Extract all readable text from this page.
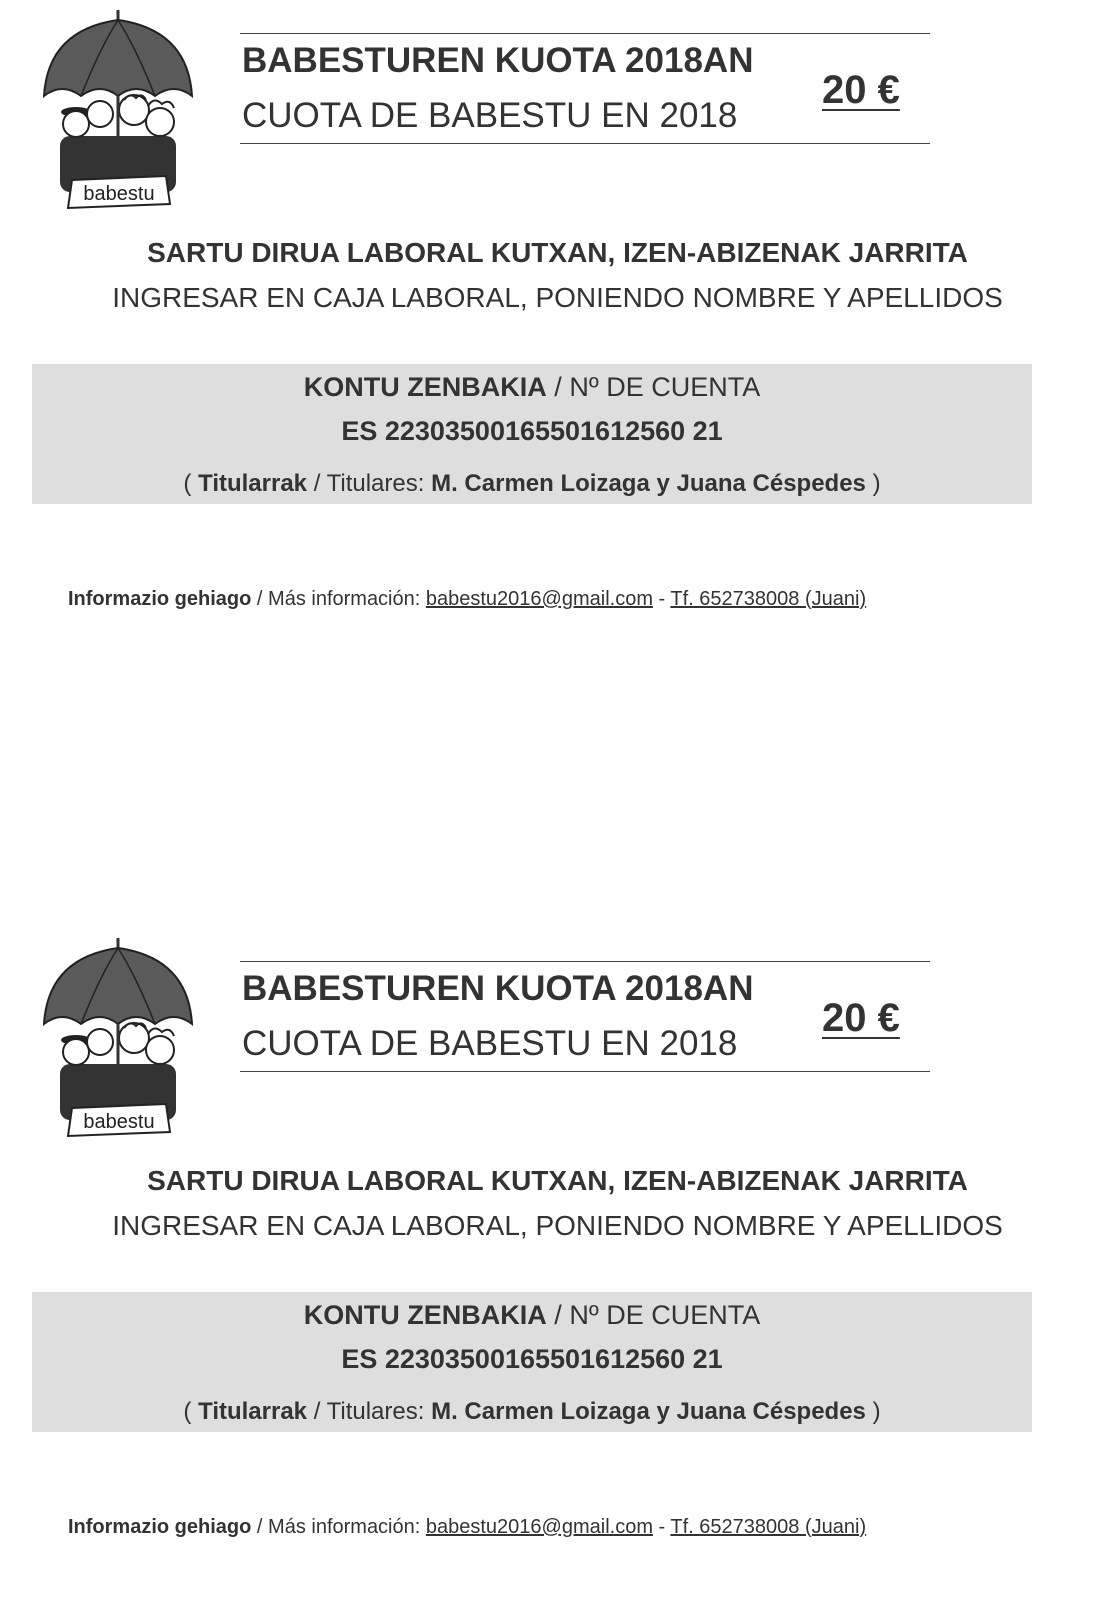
babestu
BABESTUREN KUOTA 2018AN
CUOTA DE BABESTU EN 2018
20 €
SARTU DIRUA LABORAL KUTXAN, IZEN-ABIZENAK JARRITA
INGRESAR EN CAJA LABORAL, PONIENDO NOMBRE Y APELLIDOS
KONTU ZENBAKIA / Nº DE CUENTA
ES 22303500165501612560 21
( Titularrak / Titulares: M. Carmen Loizaga y Juana Céspedes )
Informazio gehiago / Más información: babestu2016@gmail.com - Tf. 652738008 (Juani)
babestu
BABESTUREN KUOTA 2018AN
CUOTA DE BABESTU EN 2018
20 €
SARTU DIRUA LABORAL KUTXAN, IZEN-ABIZENAK JARRITA
INGRESAR EN CAJA LABORAL, PONIENDO NOMBRE Y APELLIDOS
KONTU ZENBAKIA / Nº DE CUENTA
ES 22303500165501612560 21
( Titularrak / Titulares: M. Carmen Loizaga y Juana Céspedes )
Informazio gehiago / Más información: babestu2016@gmail.com - Tf. 652738008 (Juani)
